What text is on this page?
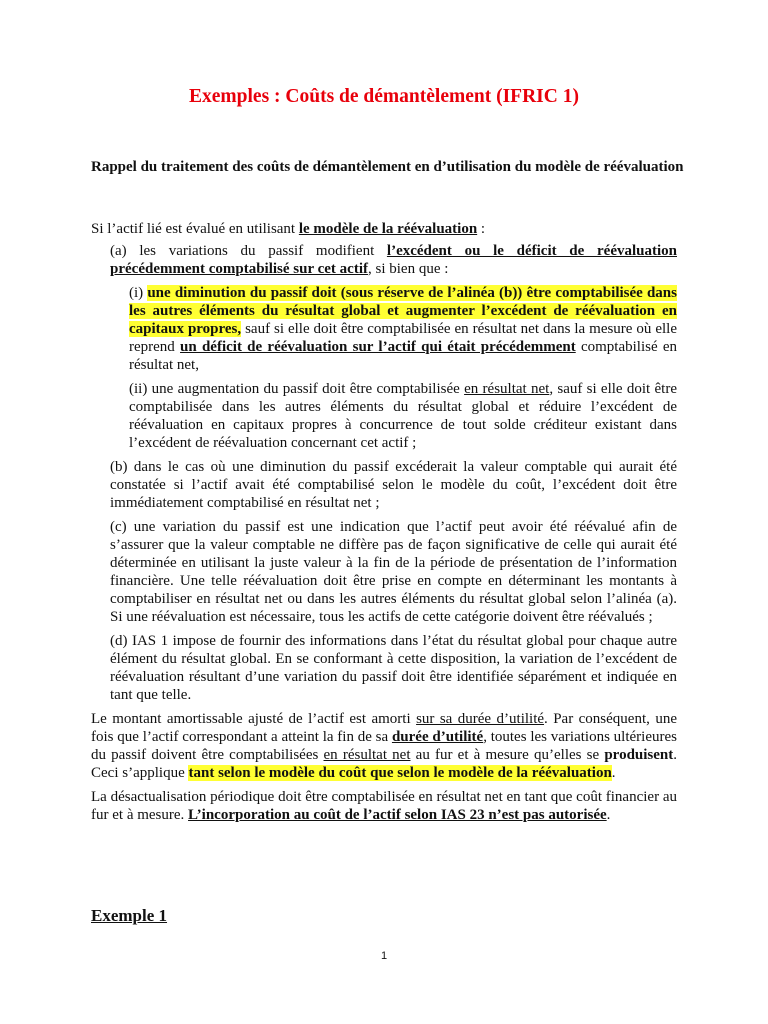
Exemples : Coûts de démantèlement (IFRIC 1)
Rappel du traitement des coûts de démantèlement en d’utilisation du modèle de réévaluation
Si l’actif lié est évalué en utilisant le modèle de la réévaluation :

(a) les variations du passif modifient l’excédent ou le déficit de réévaluation précédemment comptabilisé sur cet actif, si bien que :

(i) une diminution du passif doit (sous réserve de l’alinéa (b)) être comptabilisée dans les autres éléments du résultat global et augmenter l’excédent de réévaluation en capitaux propres, sauf si elle doit être comptabilisée en résultat net dans la mesure où elle reprend un déficit de réévaluation sur l’actif qui était précédemment comptabilisé en résultat net,

(ii) une augmentation du passif doit être comptabilisée en résultat net, sauf si elle doit être comptabilisée dans les autres éléments du résultat global et réduire l’excédent de réévaluation en capitaux propres à concurrence de tout solde créditeur existant dans l’excédent de réévaluation concernant cet actif ;

(b) dans le cas où une diminution du passif excéderait la valeur comptable qui aurait été constatée si l’actif avait été comptabilisé selon le modèle du coût, l’excédent doit être immédiatement comptabilisé en résultat net ;

(c) une variation du passif est une indication que l’actif peut avoir été réévalué afin de s’assurer que la valeur comptable ne diffère pas de façon significative de celle qui aurait été déterminée en utilisant la juste valeur à la fin de la période de présentation de l’information financière. Une telle réévaluation doit être prise en compte en déterminant les montants à comptabiliser en résultat net ou dans les autres éléments du résultat global selon l’alinéa (a). Si une réévaluation est nécessaire, tous les actifs de cette catégorie doivent être réévalués ;

(d) IAS 1 impose de fournir des informations dans l’état du résultat global pour chaque autre élément du résultat global. En se conformant à cette disposition, la variation de l’excédent de réévaluation résultant d’une variation du passif doit être identifiée séparément et indiquée en tant que telle.

Le montant amortissable ajusté de l’actif est amorti sur sa durée d’utilité. Par conséquent, une fois que l’actif correspondant a atteint la fin de sa durée d’utilité, toutes les variations ultérieures du passif doivent être comptabilisées en résultat net au fur et à mesure qu’elles se produisent. Ceci s’applique tant selon le modèle du coût que selon le modèle de la réévaluation.

La désactualisation périodique doit être comptabilisée en résultat net en tant que coût financier au fur et à mesure. L’incorporation au coût de l’actif selon IAS 23 n’est pas autorisée.

Exemple 1
1
